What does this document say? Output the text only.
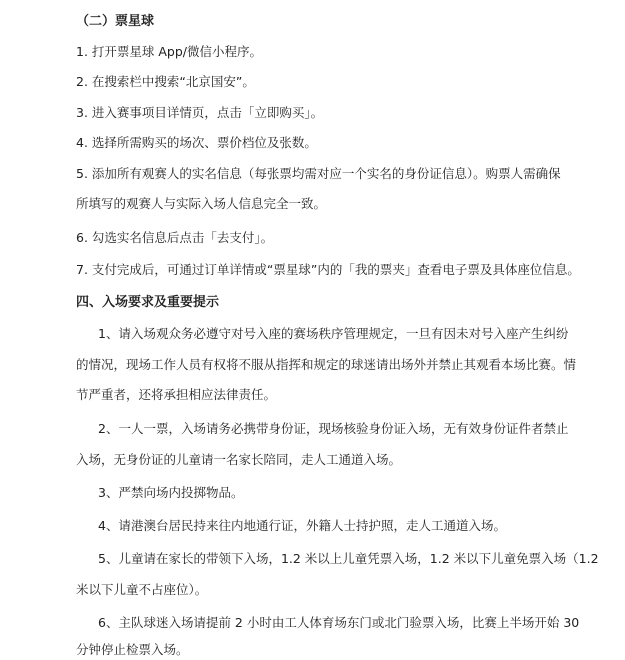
（二）票星球
1. 打开票星球 App/微信小程序。
2. 在搜索栏中搜索“北京国安”。
3. 进入赛事项目详情页，点击「立即购买」。
4. 选择所需购买的场次、票价档位及张数。
5. 添加所有观赛人的实名信息（每张票均需对应一个实名的身份证信息）。购票人需确保
所填写的观赛人与实际入场人信息完全一致。
6. 勾选实名信息后点击「去支付」。
7. 支付完成后，可通过订单详情或“票星球”内的「我的票夹」查看电子票及具体座位信息。
四、入场要求及重要提示
1、请入场观众务必遵守对号入座的赛场秩序管理规定，一旦有因未对号入座产生纠纷
的情况，现场工作人员有权将不服从指挥和规定的球迷请出场外并禁止其观看本场比赛。情
节严重者，还将承担相应法律责任。
2、一人一票，入场请务必携带身份证，现场核验身份证入场，无有效身份证件者禁止
入场，无身份证的儿童请一名家长陪同，走人工通道入场。
3、严禁向场内投掷物品。
4、请港澳台居民持来往内地通行证，外籍人士持护照，走人工通道入场。
5、儿童请在家长的带领下入场，1.2 米以上儿童凭票入场，1.2 米以下儿童免票入场（1.2
米以下儿童不占座位）。
6、主队球迷入场请提前 2 小时由工人体育场东门或北门验票入场，比赛上半场开始 30
分钟停止检票入场。
